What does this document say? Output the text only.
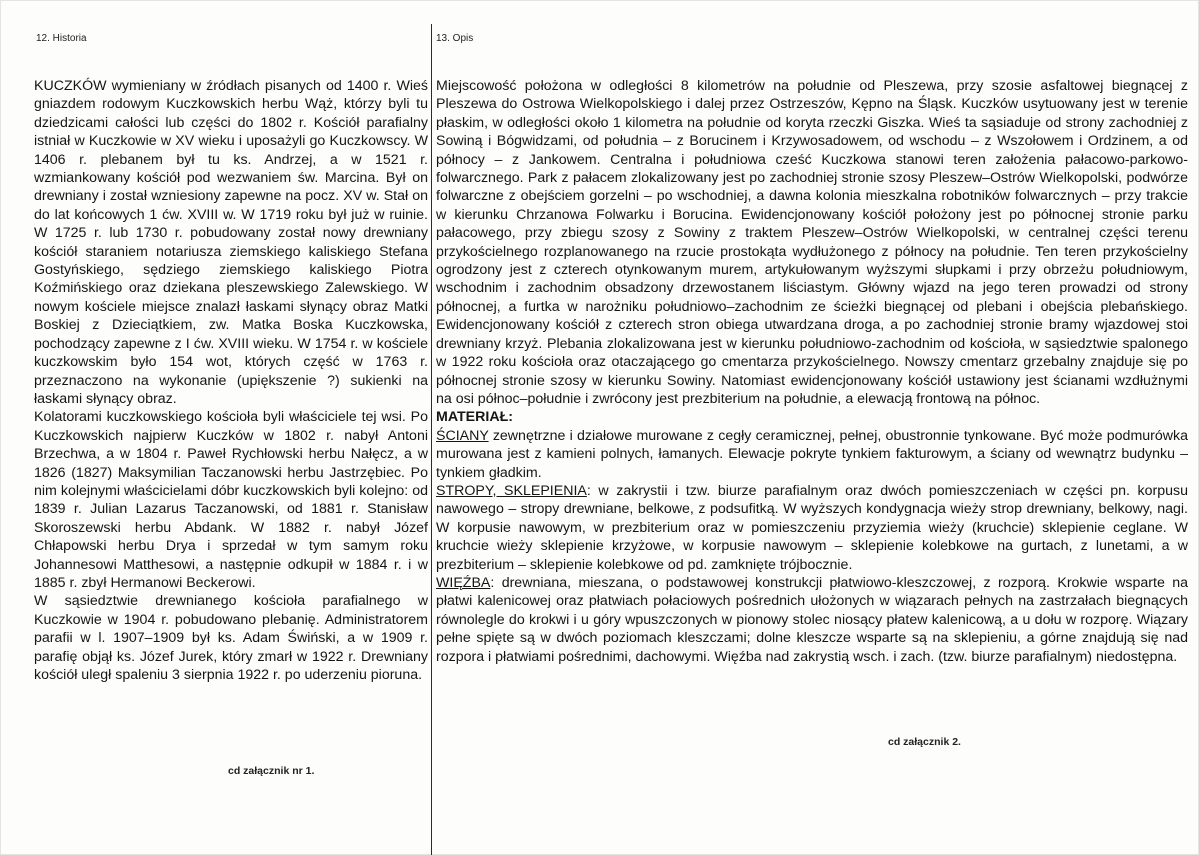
12. Historia	13. Opis

KUCZKÓW wymieniany w źródłach pisanych od 1400 r. Wieś gniazdem rodowym Kuczkowskich herbu Wąż, którzy byli tu dziedzicami całości lub części do 1802 r. Kościół parafialny istniał w Kuczkowie w XV wieku i uposażyli go Kuczkowscy. W 1406 r. plebanem był tu ks. Andrzej, a w 1521 r. wzmiankowany kościół pod wezwaniem św. Marcina. Był on drewniany i został wzniesiony zapewne na pocz. XV w. Stał on do lat końcowych 1 ćw. XVIII w. W 1719 roku był już w ruinie. W 1725 r. lub 1730 r. pobudowany został nowy drewniany kościół staraniem notariusza ziemskiego kaliskiego Stefana Gostyńskiego, sędziego ziemskiego kaliskiego Piotra Koźmińskiego oraz dziekana pleszewskiego Zalewskiego. W nowym kościele miejsce znalazł łaskami słynący obraz Matki Boskiej z Dzieciątkiem, zw. Matka Boska Kuczkowska, pochodzący zapewne z I ćw. XVIII wieku. W 1754 r. w kościele kuczkowskim było 154 wot, których część w 1763 r. przeznaczono na wykonanie (upiększenie ?) sukienki na łaskami słynący obraz.

Kolatorami kuczkowskiego kościoła byli właściciele tej wsi. Po Kuczkowskich najpierw Kuczków w 1802 r. nabył Antoni Brzechwa, a w 1804 r. Paweł Rychłowski herbu Nałęcz, a w 1826 (1827) Maksymilian Taczanowski herbu Jastrzębiec. Po nim kolejnymi właścicielami dóbr kuczkowskich byli kolejno: od 1839 r. Julian Lazarus Taczanowski, od 1881 r. Stanisław Skoroszewski herbu Abdank. W 1882 r. nabył Józef Chłapowski herbu Drya i sprzedał w tym samym roku Johannesowi Matthesowi, a następnie odkupił w 1884 r. i w 1885 r. zbył Hermanowi Beckerowi.

W sąsiedztwie drewnianego kościoła parafialnego w Kuczkowie w 1904 r. pobudowano plebanię. Administratorem parafii w l. 1907–1909 był ks. Adam Świński, a w 1909 r. parafię objął ks. Józef Jurek, który zmarł w 1922 r. Drewniany kościół uległ spaleniu 3 sierpnia 1922 r. po uderzeniu pioruna.

cd załącznik nr 1.

Miejscowość położona w odległości 8 kilometrów na południe od Pleszewa, przy szosie asfaltowej biegnącej z Pleszewa do Ostrowa Wielkopolskiego i dalej przez Ostrzeszów, Kępno na Śląsk. Kuczków usytuowany jest w terenie płaskim, w odległości około 1 kilometra na południe od koryta rzeczki Giszka. Wieś ta sąsiaduje od strony zachodniej z Sowiną i Bógwidzami, od południa – z Borucinem i Krzywosadowem, od wschodu – z Wszołowem i Ordzinem, a od północy – z Jankowem. Centralna i południowa cześć Kuczkowa stanowi teren założenia pałacowo-parkowo-folwarcznego. Park z pałacem zlokalizowany jest po zachodniej stronie szosy Pleszew–Ostrów Wielkopolski, podwórze folwarczne z obejściem gorzelni – po wschodniej, a dawna kolonia mieszkalna robotników folwarcznych – przy trakcie w kierunku Chrzanowa Folwarku i Borucina. Ewidencjonowany kościół położony jest po północnej stronie parku pałacowego, przy zbiegu szosy z Sowiny z traktem Pleszew–Ostrów Wielkopolski, w centralnej części terenu przykościelnego rozplanowanego na rzucie prostokąta wydłużonego z północy na południe. Ten teren przykościelny ogrodzony jest z czterech otynkowanym murem, artykułowanym wyższymi słupkami i przy obrzeżu południowym, wschodnim i zachodnim obsadzony drzewostanem liściastym. Główny wjazd na jego teren prowadzi od strony północnej, a furtka w narożniku południowo–zachodnim ze ścieżki biegnącej od plebani i obejścia plebańskiego. Ewidencjonowany kościół z czterech stron obiega utwardzana droga, a po zachodniej stronie bramy wjazdowej stoi drewniany krzyż. Plebania zlokalizowana jest w kierunku południowo-zachodnim od kościoła, w sąsiedztwie spalonego w 1922 roku kościoła oraz otaczającego go cmentarza przykościelnego. Nowszy cmentarz grzebalny znajduje się po północnej stronie szosy w kierunku Sowiny. Natomiast ewidencjonowany kościół ustawiony jest ścianami wzdłużnymi na osi północ–południe i zwrócony jest prezbiterium na południe, a elewacją frontową na północ.

MATERIAŁ:

ŚCIANY zewnętrzne i działowe murowane z cegły ceramicznej, pełnej, obustronnie tynkowane. Być może podmurówka murowana jest z kamieni polnych, łamanych. Elewacje pokryte tynkiem fakturowym, a ściany od wewnątrz budynku – tynkiem gładkim.

STROPY, SKLEPIENIA: w zakrystii i tzw. biurze parafialnym oraz dwóch pomieszczeniach w części pn. korpusu nawowego – stropy drewniane, belkowe, z podsufitką. W wyższych kondygnacja wieży strop drewniany, belkowy, nagi. W korpusie nawowym, w prezbiterium oraz w pomieszczeniu przyziemia wieży (kruchcie) sklepienie ceglane. W kruchcie wieży sklepienie krzyżowe, w korpusie nawowym – sklepienie kolebkowe na gurtach, z lunetami, a w prezbiterium – sklepienie kolebkowe od pd. zamknięte trójbocznie.

WIĘŹBA: drewniana, mieszana, o podstawowej konstrukcji płatwiowo-kleszczowej, z rozporą. Krokwie wsparte na płatwi kalenicowej oraz płatwiach połaciowych pośrednich ułożonych w wiązarach pełnych na zastrzałach biegnących równolegle do krokwi i u góry wpuszczonych w pionowy stolec niosący płatew kalenicową, a u dołu w rozporę. Wiązary pełne spięte są w dwóch poziomach kleszczami; dolne kleszcze wsparte są na sklepieniu, a górne znajdują się nad rozpora i płatwiami pośrednimi, dachowymi. Więźba nad zakrystią wsch. i zach. (tzw. biurze parafialnym) niedostępna.

cd załącznik 2.
